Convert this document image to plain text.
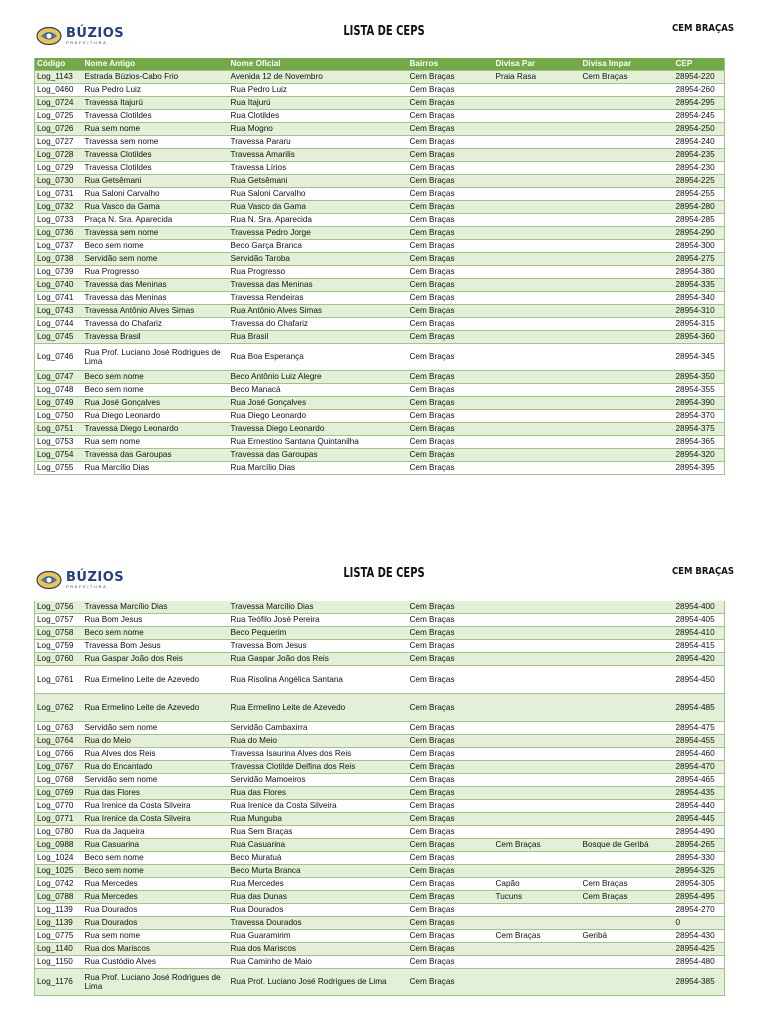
BÚZIOS
PREFEITURA
LISTA DE CEPS	CEM BRAÇAS
Código	Nome Antigo	Nome Oficial	Bairros	Divisa Par	Divisa Impar	CEP
Log_1143	Estrada Búzios-Cabo Frio	Avenida 12 de Novembro	Cem Braças	Praia Rasa	Cem Braças	28954-220
Log_0460	Rua Pedro Luiz	Rua Pedro Luiz	Cem Braças			28954-260
Log_0724	Travessa Itajurú	Rua Itajurú	Cem Braças			28954-295
Log_0725	Travessa Clotildes	Rua Clotildes	Cem Braças			28954-245
Log_0726	Rua sem nome	Rua Mogno	Cem Braças			28954-250
Log_0727	Travessa sem nome	Travessa Pararu	Cem Braças			28954-240
Log_0728	Travessa Clotildes	Travessa Amarilis	Cem Braças			28954-235
Log_0729	Travessa Clotildes	Travessa Lírios	Cem Braças			28954-230
Log_0730	Rua Getsêmani	Rua Getsêmani	Cem Braças			28954-225
Log_0731	Rua Saloni Carvalho	Rua Saloni Carvalho	Cem Braças			28954-255
Log_0732	Rua Vasco da Gama	Rua Vasco da Gama	Cem Braças			28954-280
Log_0733	Praça N. Sra. Aparecida	Rua N. Sra. Aparecida	Cem Braças			28954-285
Log_0736	Travessa sem nome	Travessa Pedro Jorge	Cem Braças			28954-290
Log_0737	Beco sem nome	Beco Garça Branca	Cem Braças			28954-300
Log_0738	Servidão sem nome	Servidão Taroba	Cem Braças			28954-275
Log_0739	Rua Progresso	Rua Progresso	Cem Braças			28954-380
Log_0740	Travessa das Meninas	Travessa das Meninas	Cem Braças			28954-335
Log_0741	Travessa das Meninas	Travessa Rendeiras	Cem Braças			28954-340
Log_0743	Travessa Antônio Alves Simas	Rua Antônio Alves Simas	Cem Braças			28954-310
Log_0744	Travessa do Chafariz	Travessa do Chafariz	Cem Braças			28954-315
Log_0745	Travessa Brasil	Rua Brasil	Cem Braças			28954-360
Log_0746	Rua Prof. Luciano José Rodrigues de Lima	Rua Boa Esperança	Cem Braças			28954-345
Log_0747	Beco sem nome	Beco Antônio Luiz Alegre	Cem Braças			28954-350
Log_0748	Beco sem nome	Beco Manacá	Cem Braças			28954-355
Log_0749	Rua José Gonçalves	Rua José Gonçalves	Cem Braças			28954-390
Log_0750	Rua Diego Leonardo	Rua Diego Leonardo	Cem Braças			28954-370
Log_0751	Travessa Diego Leonardo	Travessa Diego Leonardo	Cem Braças			28954-375
Log_0753	Rua sem nome	Rua Ernestino Santana Quintanilha	Cem Braças			28954-365
Log_0754	Travessa das Garoupas	Travessa das Garoupas	Cem Braças			28954-320
Log_0755	Rua Marcílio Dias	Rua Marcílio Dias	Cem Braças			28954-395
BÚZIOS
PREFEITURA
LISTA DE CEPS	CEM BRAÇAS
Log_0756	Travessa Marcílio Dias	Travessa Marcílio Dias	Cem Braças			28954-400
Log_0757	Rua Bom Jesus	Rua Teófilo José Pereira	Cem Braças			28954-405
Log_0758	Beco sem nome	Beco Pequerim	Cem Braças			28954-410
Log_0759	Travessa Bom Jesus	Travessa Bom Jesus	Cem Braças			28954-415
Log_0760	Rua Gaspar João dos Reis	Rua Gaspar João dos Reis	Cem Braças			28954-420
Log_0761	Rua Ermelino Leite de Azevedo	Rua Risolina Angélica Santana	Cem Braças			28954-450
Log_0762	Rua Ermelino Leite de Azevedo	Rua Ermelino Leite de Azevedo	Cem Braças			28954-485
Log_0763	Servidão sem nome	Servidão Cambaxirra	Cem Braças			28954-475
Log_0764	Rua do Meio	Rua do Meio	Cem Braças			28954-455
Log_0766	Rua Alves dos Reis	Travessa Isaurina Alves dos Reis	Cem Braças			28954-460
Log_0767	Rua do Encantado	Travessa Clotilde Delfina dos Reis	Cem Braças			28954-470
Log_0768	Servidão sem nome	Servidão Mamoeiros	Cem Braças			28954-465
Log_0769	Rua das Flores	Rua das Flores	Cem Braças			28954-435
Log_0770	Rua Irenice da Costa Silveira	Rua Irenice da Costa Silveira	Cem Braças			28954-440
Log_0771	Rua Irenice da Costa Silveira	Rua Munguba	Cem Braças			28954-445
Log_0780	Rua da Jaqueira	Rua Sem Braças	Cem Braças			28954-490
Log_0988	Rua Casuarina	Rua Casuarina	Cem Braças	Cem Braças	Bosque de Geribá	28954-265
Log_1024	Beco sem nome	Beco Muratuá	Cem Braças			28954-330
Log_1025	Beco sem nome	Beco Murta Branca	Cem Braças			28954-325
Log_0742	Rua Mercedes	Rua Mercedes	Cem Braças	Capão	Cem Braças	28954-305
Log_0788	Rua Mercedes	Rua das Dunas	Cem Braças	Tucuns	Cem Braças	28954-495
Log_1139	Rua Dourados	Rua Dourados	Cem Braças			28954-270
Log_1139	Rua Dourados	Travessa Dourados	Cem Braças			0
Log_0775	Rua sem nome	Rua Guaramirim	Cem Braças	Cem Braças	Geribá	28954-430
Log_1140	Rua dos Mariscos	Rua dos Mariscos	Cem Braças			28954-425
Log_1150	Rua Custódio Alves	Rua Caminho de Maio	Cem Braças			28954-480
Log_1176	Rua Prof. Luciano José Rodrigues de Lima	Rua Prof. Luciano José Rodrigues de Lima	Cem Braças			28954-385
